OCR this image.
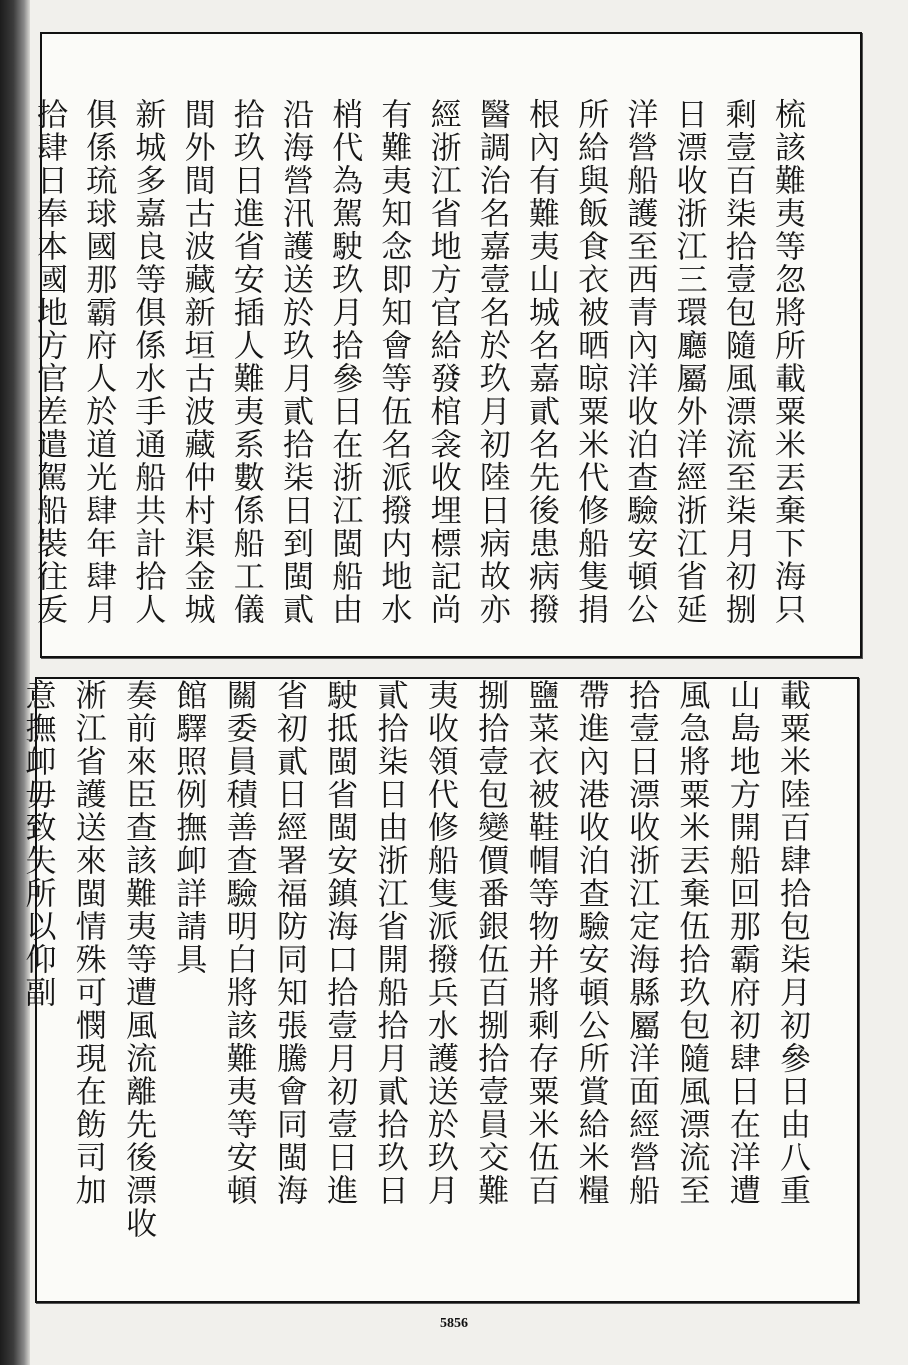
梳該難夷等忽將所載粟米丟棄下海只
剩壹百柒拾壹包隨風漂流至柒月初捌
日漂收浙江三環廳屬外洋經浙江省延
洋營船護至西青內洋收泊查驗安頓公
所給與飯食衣被晒晾粟米代修船隻捐
根內有難夷山城名嘉貳名先後患病撥
醫調治名嘉壹名於玖月初陸日病故亦
經浙江省地方官給發棺衾收埋標記尚
有難夷知念即知會等伍名派撥内地水
梢代為駕駛玖月拾參日在浙江閩船由
沿海營汛護送於玖月貳拾柒日到閩貳
拾玖日進省安插人難夷系數係船工儀
間外間古波藏新垣古波藏仲村渠金城
新城多嘉良等俱係水手通船共計拾人
俱係琉球國那霸府人於道光肆年肆月
拾肆日奉本國地方官差遣駕船裝往叐
載粟米陸百肆拾包柒月初參日由八重
山島地方開船回那霸府初肆日在洋遭
風急將粟米丟棄伍拾玖包隨風漂流至
拾壹日漂收浙江定海縣屬洋面經營船
帶進內港收泊查驗安頓公所賞給米糧
鹽菜衣被鞋帽等物并將剩存粟米伍百
捌拾壹包變價番銀伍百捌拾壹員交難
夷收領代修船隻派撥兵水護送於玖月
貳拾柒日由浙江省開船拾月貳拾玖日
駛抵閩省閩安鎮海口拾壹月初壹日進
省初貳日經署福防同知張騰會同閩海
關委員積善查驗明白將該難夷等安頓
館驛照例撫卹詳請具
奏前來臣查該難夷等遭風流離先後漂收
淅江省護送來閩情殊可憫現在飭司加
意撫卹毋致失所以仰副
5856
